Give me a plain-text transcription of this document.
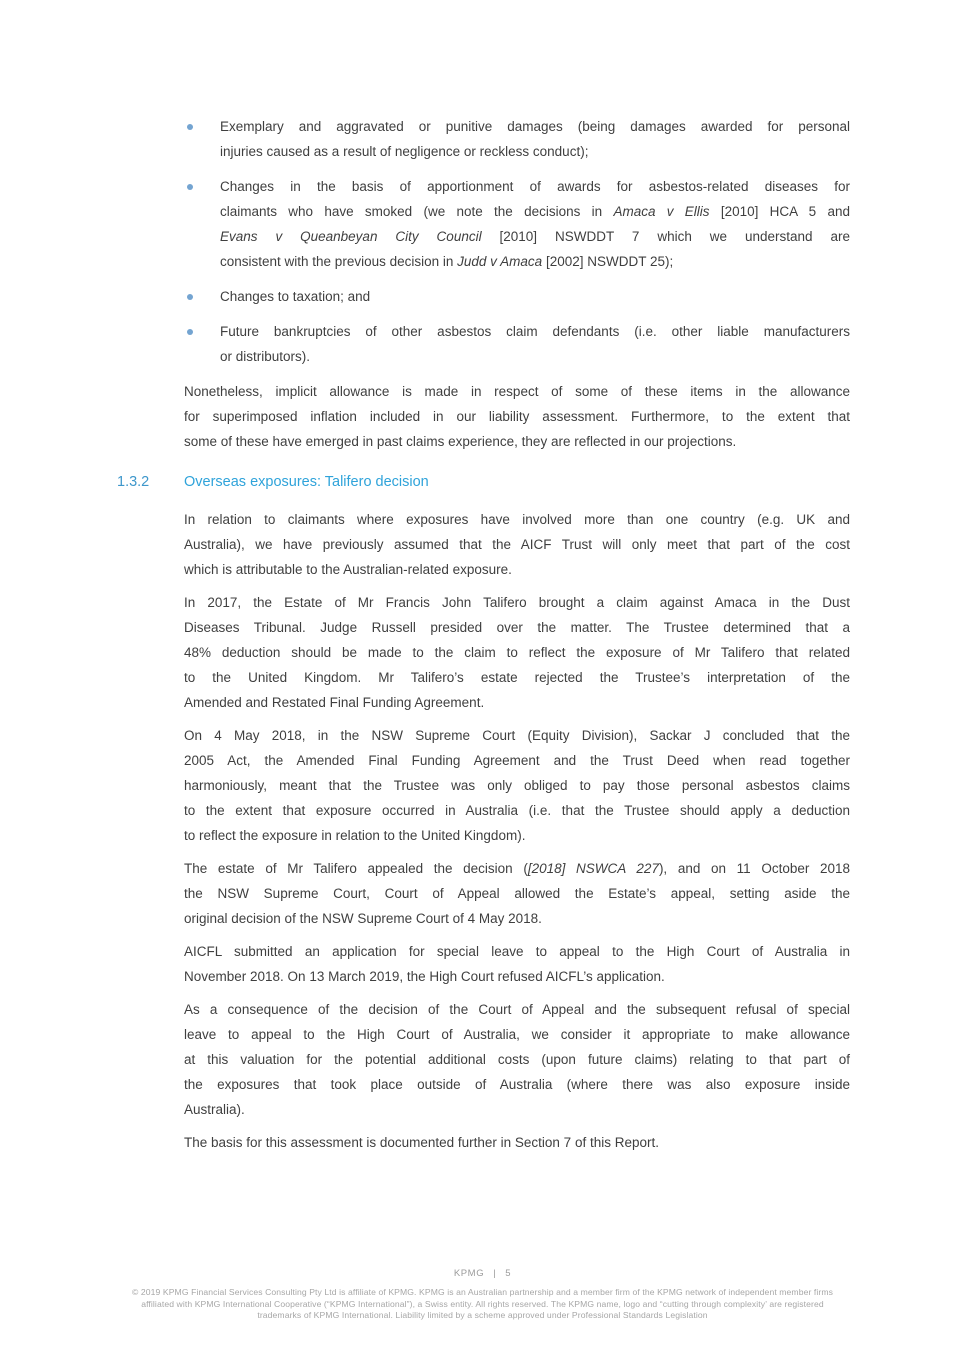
Exemplary and aggravated or punitive damages (being damages awarded for personal
injuries caused as a result of negligence or reckless conduct);
Changes in the basis of apportionment of awards for asbestos-related diseases for
claimants who have smoked (we note the decisions in Amaca v Ellis [2010] HCA 5 and
Evans v Queanbeyan City Council [2010] NSWDDT 7 which we understand are
consistent with the previous decision in Judd v Amaca [2002] NSWDDT 25);
Changes to taxation; and
Future bankruptcies of other asbestos claim defendants (i.e. other liable manufacturers
or distributors).
Nonetheless, implicit allowance is made in respect of some of these items in the allowance
for superimposed inflation included in our liability assessment. Furthermore, to the extent that
some of these have emerged in past claims experience, they are reflected in our projections.
1.3.2	Overseas exposures: Talifero decision
In relation to claimants where exposures have involved more than one country (e.g. UK and
Australia), we have previously assumed that the AICF Trust will only meet that part of the cost
which is attributable to the Australian-related exposure.
In 2017, the Estate of Mr Francis John Talifero brought a claim against Amaca in the Dust
Diseases Tribunal. Judge Russell presided over the matter. The Trustee determined that a
48% deduction should be made to the claim to reflect the exposure of Mr Talifero that related
to the United Kingdom. Mr Talifero’s estate rejected the Trustee’s interpretation of the
Amended and Restated Final Funding Agreement.
On 4 May 2018, in the NSW Supreme Court (Equity Division), Sackar J concluded that the
2005 Act, the Amended Final Funding Agreement and the Trust Deed when read together
harmoniously, meant that the Trustee was only obliged to pay those personal asbestos claims
to the extent that exposure occurred in Australia (i.e. that the Trustee should apply a deduction
to reflect the exposure in relation to the United Kingdom).
The estate of Mr Talifero appealed the decision ([2018] NSWCA 227), and on 11 October 2018
the NSW Supreme Court, Court of Appeal allowed the Estate’s appeal, setting aside the
original decision of the NSW Supreme Court of 4 May 2018.
AICFL submitted an application for special leave to appeal to the High Court of Australia in
November 2018. On 13 March 2019, the High Court refused AICFL’s application.
As a consequence of the decision of the Court of Appeal and the subsequent refusal of special
leave to appeal to the High Court of Australia, we consider it appropriate to make allowance
at this valuation for the potential additional costs (upon future claims) relating to that part of
the exposures that took place outside of Australia (where there was also exposure inside
Australia).
The basis for this assessment is documented further in Section 7 of this Report.
KPMG | 5
© 2019 KPMG Financial Services Consulting Pty Ltd is affiliate of KPMG. KPMG is an Australian partnership and a member firm of the KPMG network of independent member firms
affiliated with KPMG International Cooperative (“KPMG International”), a Swiss entity. All rights reserved. The KPMG name, logo and “cutting through complexity’ are registered
trademarks of KPMG International. Liability limited by a scheme approved under Professional Standards Legislation
